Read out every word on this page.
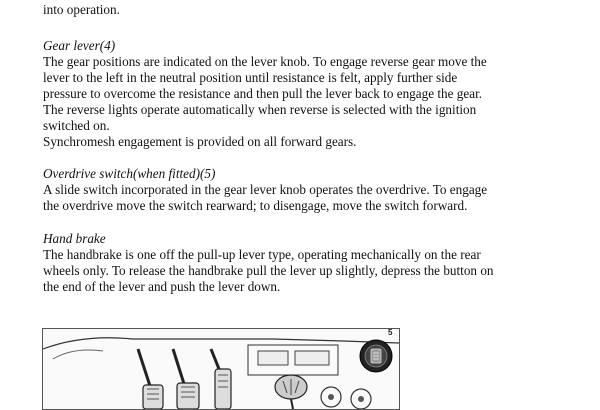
into operation.

Gear lever(4)

The gear positions are indicated on the lever knob. To engage reverse gear move the
lever to the left in the neutral position until resistance is felt, apply further side
pressure to overcome the resistance and then pull the lever back to engage the gear.
The reverse lights operate automatically when reverse is selected with the ignition
switched on.
Synchromesh engagement is provided on all forward gears.

Overdrive switch(when fitted)(5)

A slide switch incorporated in the gear lever knob operates the overdrive. To engage
the overdrive move the switch rearward; to disengage, move the switch forward.

Hand brake

The handbrake is one off the pull-up lever type, operating mechanically on the rear
wheels only. To release the handbrake pull the lever up slightly, depress the button on
the end of the lever and push the lever down.
5
